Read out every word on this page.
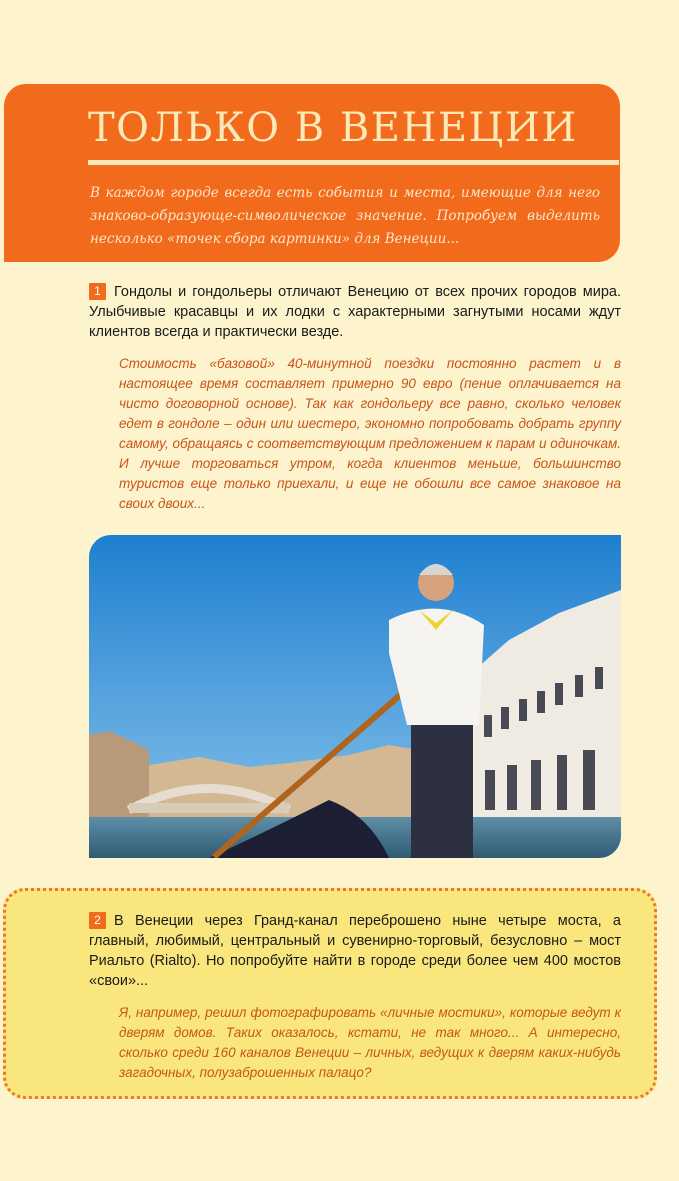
ТОЛЬКО В ВЕНЕЦИИ

В каждом городе всегда есть события и места, имеющие для него знаково-образующе-символическое значение. Попробуем выделить несколько «точек сбора картинки» для Венеции...

1 Гондолы и гондольеры отличают Венецию от всех прочих городов мира. Улыбчивые красавцы и их лодки с характерными загнутыми носами ждут клиентов всегда и практически везде.

Стоимость «базовой» 40-минутной поездки постоянно растет и в настоящее время составляет примерно 90 евро (пение оплачивается на чисто договорной основе). Так как гондольеру все равно, сколько человек едет в гондоле – один или шестеро, экономно попробовать добрать группу самому, обращаясь с соответствующим предложением к парам и одиночкам. И лучше торговаться утром, когда клиентов меньше, большинство туристов еще только приехали, и еще не обошли все самое знаковое на своих двоих...

2 В Венеции через Гранд-канал переброшено ныне четыре моста, а главный, любимый, центральный и сувенирно-торговый, безусловно – мост Риальто (Rialto). Но попробуйте найти в городе среди более чем 400 мостов «свои»...

Я, например, решил фотографировать «личные мостики», которые ведут к дверям домов. Таких оказалось, кстати, не так много... А интересно, сколько среди 160 каналов Венеции – личных, ведущих к дверям каких-нибудь загадочных, полузаброшенных палацо?
